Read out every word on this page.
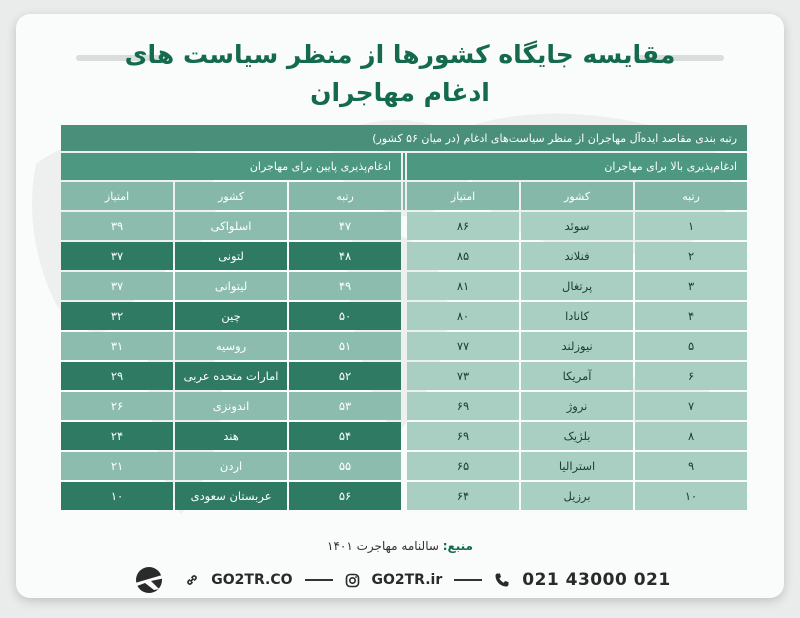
مقایسه جایگاه کشورها از منظر سیاست های
ادغام مهاجران
رتبه بندی مقاصد ایده‌آل مهاجران از منظر سیاست‌های ادغام (در میان ۵۶ کشور)						
ادغام‌پذیری بالا برای مهاجران				ادغام‌پذیری پایین برای مهاجران		
رتبه	کشور	امتیاز		رتبه	کشور	امتیاز
۱	سوئد	۸۶		۴۷	اسلواکی	۳۹
۲	فنلاند	۸۵		۴۸	لتونی	۳۷
۳	پرتغال	۸۱		۴۹	لیتوانی	۳۷
۴	کانادا	۸۰		۵۰	چین	۳۲
۵	نیوزلند	۷۷		۵۱	روسیه	۳۱
۶	آمریکا	۷۳		۵۲	امارات متحده عربی	۲۹
۷	نروژ	۶۹		۵۳	اندونزی	۲۶
۸	بلژیک	۶۹		۵۴	هند	۲۴
۹	استرالیا	۶۵		۵۵	اردن	۲۱
۱۰	برزیل	۶۴		۵۶	عربستان سعودی	۱۰
منبع: سالنامه مهاجرت ۱۴۰۱
GO2TR.CO	GO2TR.ir	021 43000 021
